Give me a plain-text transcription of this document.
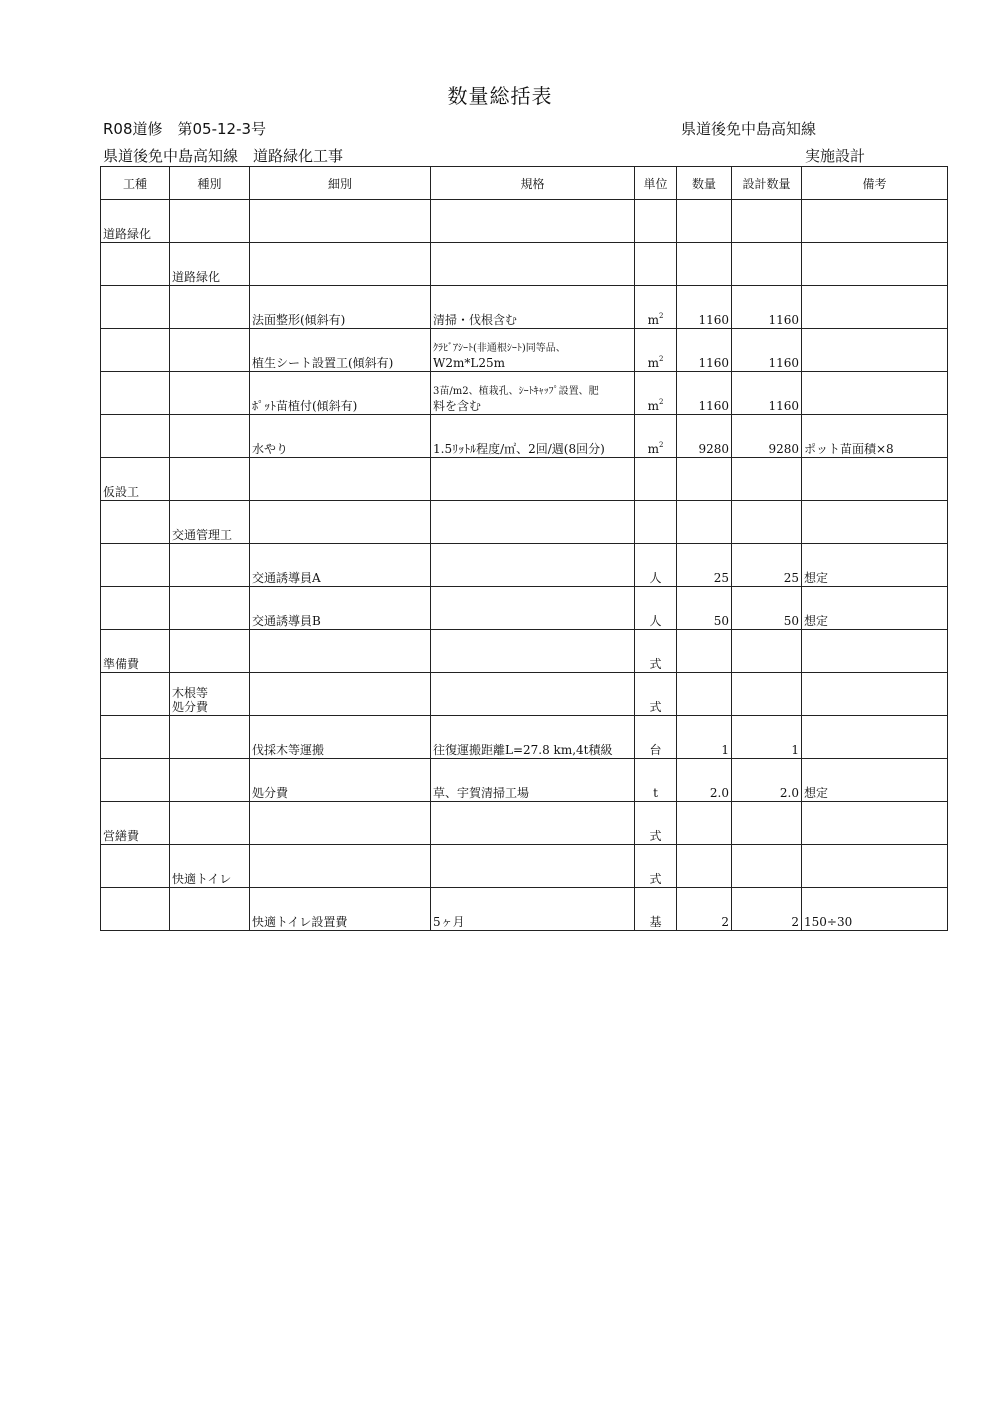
数量総括表
R08道修　第05-12-3号	県道後免中島高知線
県道後免中島高知線　道路緑化工事	実施設計
工種	種別	細別	規格	単位	数量	設計数量	備考
道路緑化							
	道路緑化						
		法面整形(傾斜有)	清掃・伐根含む	$m^2$	1160	1160	
		植生シート設置工(傾斜有)	ｸﾗﾋﾞｱｼｰﾄ(非通根ｼｰﾄ)同等品、
W2m*L25m	$m^2$	1160	1160	
		ﾎﾟｯﾄ苗植付(傾斜有)	3苗/m2、植栽孔、ｼｰﾄｷｬｯﾌﾟ設置、肥
料を含む	$m^2$	1160	1160	
		水やり	1.5ﾘｯﾄﾙ程度/㎡、2回/週(8回分)	$m^2$	9280	9280	ポット苗面積×8
仮設工							
	交通管理工						
		交通誘導員A		人	25	25	想定
		交通誘導員B		人	50	50	想定
準備費				式			

	木根等
処分費			式			
		伐採木等運搬	往復運搬距離L=27.8 km,4t積級	台	1	1	
		処分費	草、宇賀清掃工場	t	2.0	2.0	想定
営繕費				式			
	快適トイレ			式			
		快適トイレ設置費	5ヶ月	基	2	2	150÷30
